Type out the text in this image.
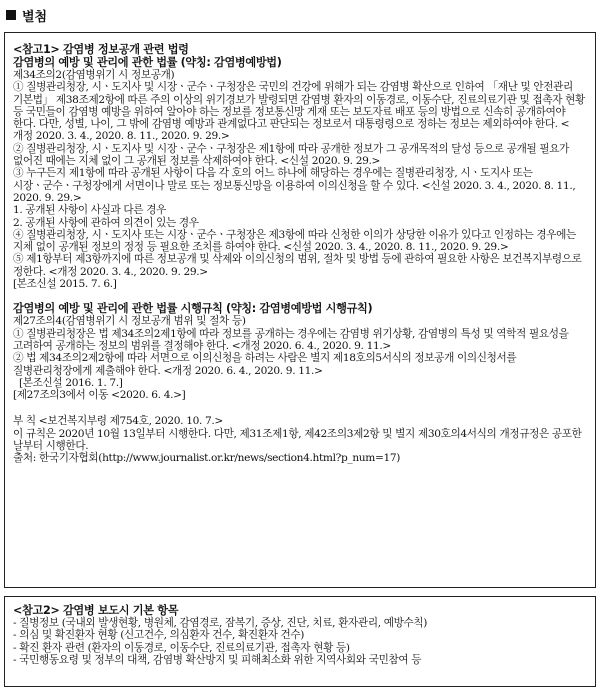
별첨
<참고1> 감염병 정보공개 관련 법령
감염병의 예방 및 관리에 관한 법률 (약칭: 감염병예방법)
제34조의2(감염병위기 시 정보공개)
① 질병관리청장, 시ㆍ도지사 및 시장ㆍ군수ㆍ구청장은 국민의 건강에 위해가 되는 감염병 확산으로 인하여 「재난 및 안전관리 기본법」 제38조제2항에 따른 주의 이상의 위기경보가 발령되면 감염병 환자의 이동경로, 이동수단, 진료의료기관 및 접촉자 현황 등 국민들이 감염병 예방을 위하여 알아야 하는 정보를 정보통신망 게재 또는 보도자료 배포 등의 방법으로 신속히 공개하여야 한다. 다만, 성별, 나이, 그 밖에 감염병 예방과 관계없다고 판단되는 정보로서 대통령령으로 정하는 정보는 제외하여야 한다. <개정 2020. 3. 4., 2020. 8. 11., 2020. 9. 29.>
② 질병관리청장, 시ㆍ도지사 및 시장ㆍ군수ㆍ구청장은 제1항에 따라 공개한 정보가 그 공개목적의 달성 등으로 공개될 필요가 없어진 때에는 지체 없이 그 공개된 정보를 삭제하여야 한다. <신설 2020. 9. 29.>
③ 누구든지 제1항에 따라 공개된 사항이 다음 각 호의 어느 하나에 해당하는 경우에는 질병관리청장, 시ㆍ도지사 또는 시장ㆍ군수ㆍ구청장에게 서면이나 말로 또는 정보통신망을 이용하여 이의신청을 할 수 있다. <신설 2020. 3. 4., 2020. 8. 11., 2020. 9. 29.>
1. 공개된 사항이 사실과 다른 경우
2. 공개된 사항에 관하여 의견이 있는 경우
④ 질병관리청장, 시ㆍ도지사 또는 시장ㆍ군수ㆍ구청장은 제3항에 따라 신청한 이의가 상당한 이유가 있다고 인정하는 경우에는 지체 없이 공개된 정보의 정정 등 필요한 조치를 하여야 한다. <신설 2020. 3. 4., 2020. 8. 11., 2020. 9. 29.>
⑤ 제1항부터 제3항까지에 따른 정보공개 및 삭제와 이의신청의 범위, 절차 및 방법 등에 관하여 필요한 사항은 보건복지부령으로 정한다. <개정 2020. 3. 4., 2020. 9. 29.>
[본조신설 2015. 7. 6.]
감염병의 예방 및 관리에 관한 법률 시행규칙 (약칭: 감염병예방법 시행규칙)
제27조의4(감염병위기 시 정보공개 범위 및 절차 등)
① 질병관리청장은 법 제34조의2제1항에 따라 정보를 공개하는 경우에는 감염병 위기상황, 감염병의 특성 및 역학적 필요성을 고려하여 공개하는 정보의 범위를 결정해야 한다. <개정 2020. 6. 4., 2020. 9. 11.>
② 법 제34조의2제2항에 따라 서면으로 이의신청을 하려는 사람은 별지 제18호의5서식의 정보공개 이의신청서를 질병관리청장에게 제출해야 한다. <개정 2020. 6. 4., 2020. 9. 11.>
[본조신설 2016. 1. 7.]
[제27조의3에서 이동 <2020. 6. 4.>]
부 칙 <보건복지부령 제754호, 2020. 10. 7.>
이 규칙은 2020년 10월 13일부터 시행한다. 다만, 제31조제1항, 제42조의3제2항 및 별지 제30호의4서식의 개정규정은 공포한 날부터 시행한다.
출처: 한국기자협회(http://www.journalist.or.kr/news/section4.html?p_num=17)
<참고2> 감염병 보도시 기본 항목
- 질병정보 (국내외 발생현황, 병원체, 감염경로, 잠복기, 증상, 진단, 치료, 환자관리, 예방수칙)
- 의심 및 확진환자 현황 (신고건수, 의심환자 건수, 확진환자 건수)
- 확진 환자 관련 (환자의 이동경로, 이동수단, 진료의료기관, 접촉자 현황 등)
- 국민행동요령 및 정부의 대책, 감염병 확산방지 및 피해최소화 위한 지역사회와 국민참여 등
